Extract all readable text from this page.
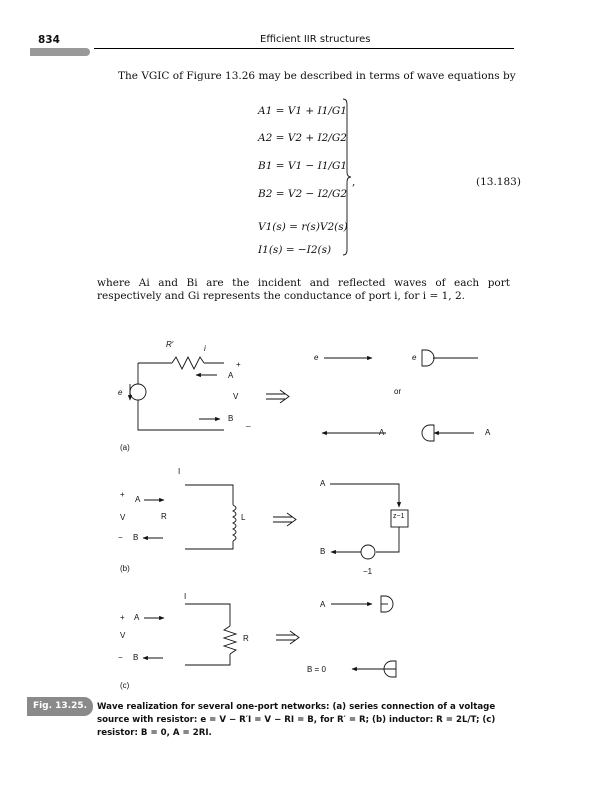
834	Efficient IIR structures
The VGIC of Figure 13.26 may be described in terms of wave equations by
A1 = V1 + I1/G1
A2 = V2 + I2/G2
B1 = V1 − I1/G1
B2 = V2 − I2/G2
V1(s) = r(s)V2(s)
I1(s) = −I2(s)
,	(13.183)
where Ai and Bi are the incident and reflected waves of each port respectively and Gi represents the conductance of port i, for i = 1, 2.
R′	i
e
+
A
V
B _
e	e
or
A	A
(a)
I
+
A
V	R	L
− B
A
B
z−1
−1
(b)
I
+ A
V	R
− B
A
B = 0
(c)
Fig. 13.25.	Wave realization for several one-port networks: (a) series connection of a voltage source with resistor: e = V − R′I = V − RI = B, for R′ = R; (b) inductor: R = 2L/T; (c) resistor: B = 0, A = 2RI.
